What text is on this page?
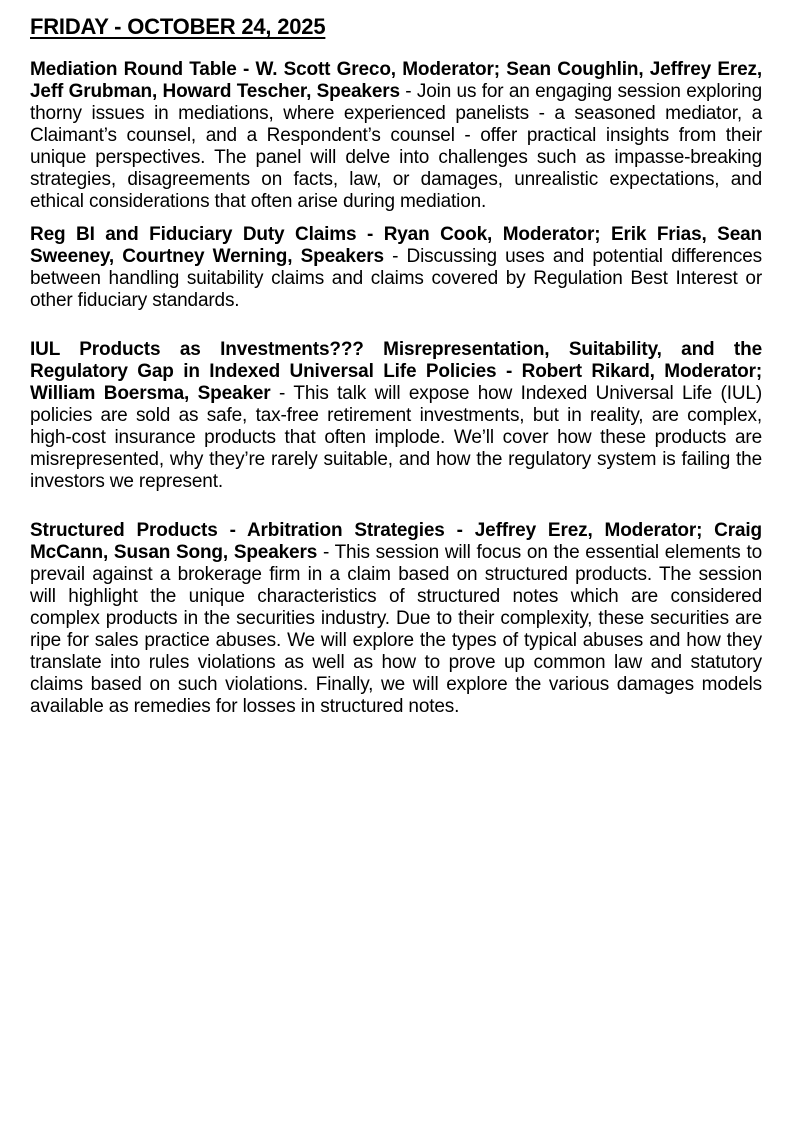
FRIDAY - OCTOBER 24, 2025

Mediation Round Table - W. Scott Greco, Moderator; Sean Coughlin, Jeffrey Erez, Jeff Grubman, Howard Tescher, Speakers - Join us for an engaging session exploring thorny issues in mediations, where experienced panelists - a seasoned mediator, a Claimant’s counsel, and a Respondent’s counsel - offer practical insights from their unique perspectives. The panel will delve into challenges such as impasse-breaking strategies, disagreements on facts, law, or damages, unrealistic expectations, and ethical considerations that often arise during mediation.

Reg BI and Fiduciary Duty Claims - Ryan Cook, Moderator; Erik Frias, Sean Sweeney, Courtney Werning, Speakers - Discussing uses and potential differences between handling suitability claims and claims covered by Regulation Best Interest or other fiduciary standards.

IUL Products as Investments??? Misrepresentation, Suitability, and the Regulatory Gap in Indexed Universal Life Policies - Robert Rikard, Moderator; William Boersma, Speaker - This talk will expose how Indexed Universal Life (IUL) policies are sold as safe, tax-free retirement investments, but in reality, are complex, high-cost insurance products that often implode. We’ll cover how these products are misrepresented, why they’re rarely suitable, and how the regulatory system is failing the investors we represent.

Structured Products - Arbitration Strategies - Jeffrey Erez, Moderator; Craig McCann, Susan Song, Speakers - This session will focus on the essential elements to prevail against a brokerage firm in a claim based on structured products. The session will highlight the unique characteristics of structured notes which are considered complex products in the securities industry. Due to their complexity, these securities are ripe for sales practice abuses. We will explore the types of typical abuses and how they translate into rules violations as well as how to prove up common law and statutory claims based on such violations. Finally, we will explore the various damages models available as remedies for losses in structured notes.
